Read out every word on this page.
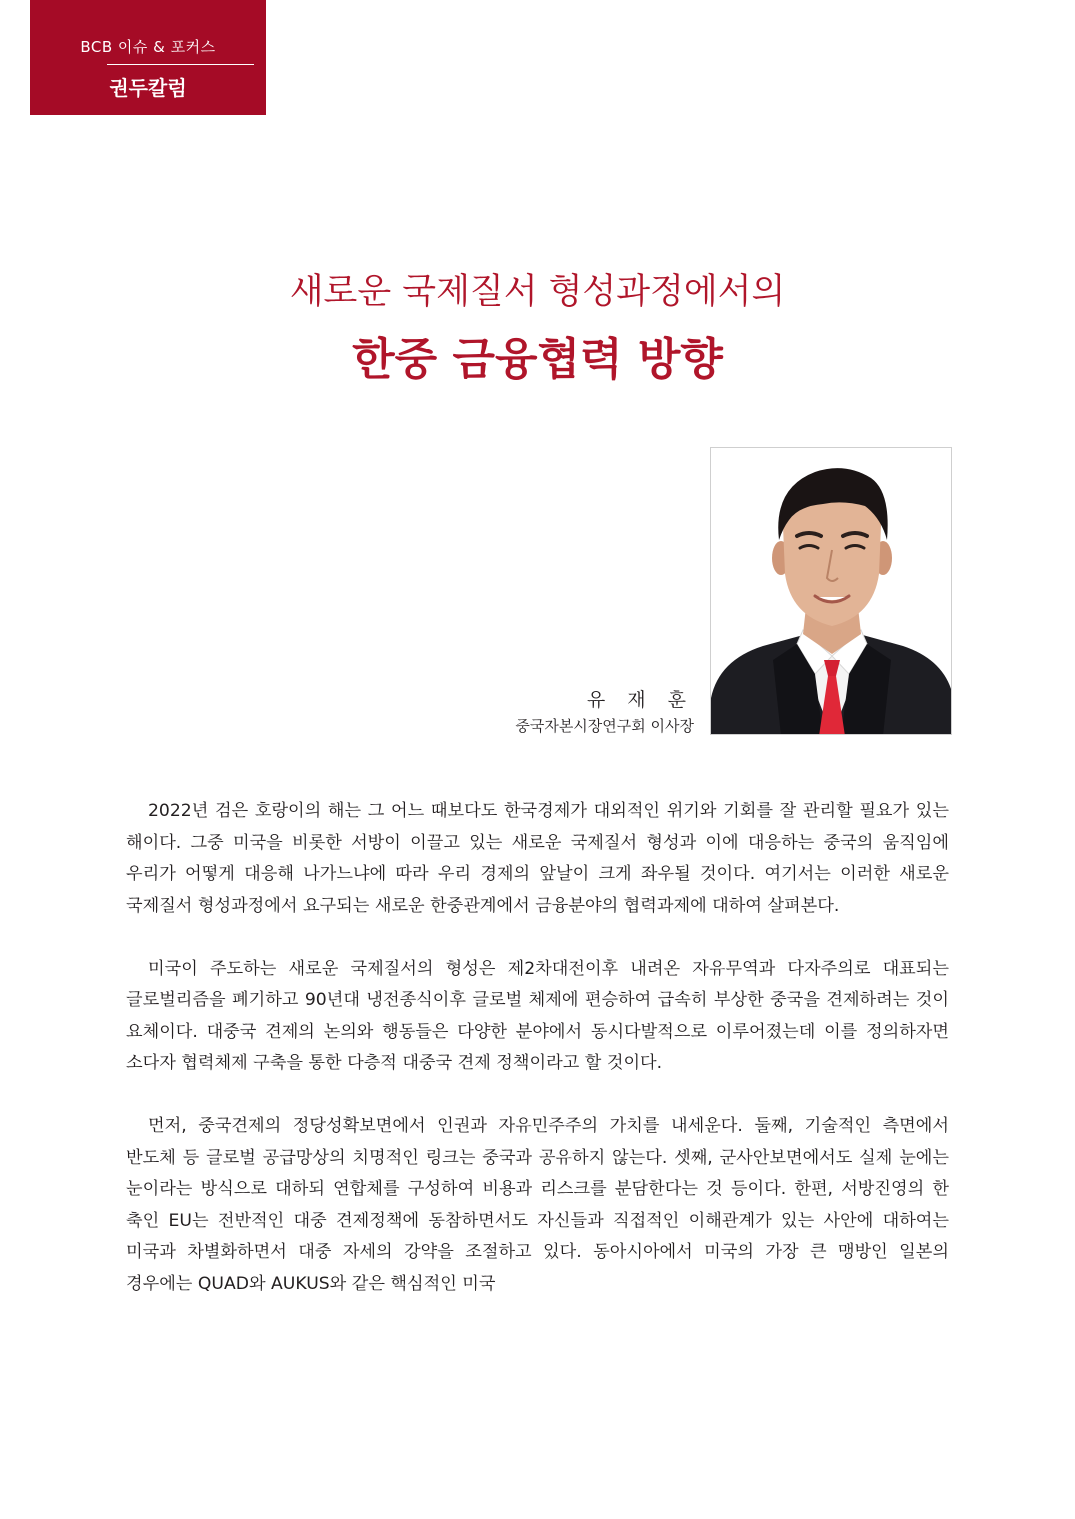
BCB 이슈 & 포커스
권두칼럼
새로운 국제질서 형성과정에서의
한중 금융협력 방향
유 재 훈
중국자본시장연구회 이사장

2022년 검은 호랑이의 해는 그 어느 때보다도 한국경제가 대외적인 위기와 기회를 잘 관리할 필요가 있는 해이다. 그중 미국을 비롯한 서방이 이끌고 있는 새로운 국제질서 형성과 이에 대응하는 중국의 움직임에 우리가 어떻게 대응해 나가느냐에 따라 우리 경제의 앞날이 크게 좌우될 것이다. 여기서는 이러한 새로운 국제질서 형성과정에서 요구되는 새로운 한중관계에서 금융분야의 협력과제에 대하여 살펴본다.

미국이 주도하는 새로운 국제질서의 형성은 제2차대전이후 내려온 자유무역과 다자주의로 대표되는 글로벌리즘을 폐기하고 90년대 냉전종식이후 글로벌 체제에 편승하여 급속히 부상한 중국을 견제하려는 것이 요체이다. 대중국 견제의 논의와 행동들은 다양한 분야에서 동시다발적으로 이루어졌는데 이를 정의하자면 소다자 협력체제 구축을 통한 다층적 대중국 견제 정책이라고 할 것이다.

먼저, 중국견제의 정당성확보면에서 인권과 자유민주주의 가치를 내세운다. 둘째, 기술적인 측면에서 반도체 등 글로벌 공급망상의 치명적인 링크는 중국과 공유하지 않는다. 셋째, 군사안보면에서도 실제 눈에는 눈이라는 방식으로 대하되 연합체를 구성하여 비용과 리스크를 분담한다는 것 등이다. 한편, 서방진영의 한 축인 EU는 전반적인 대중 견제정책에 동참하면서도 자신들과 직접적인 이해관계가 있는 사안에 대하여는 미국과 차별화하면서 대중 자세의 강약을 조절하고 있다. 동아시아에서 미국의 가장 큰 맹방인 일본의 경우에는 QUAD와 AUKUS와 같은 핵심적인 미국
